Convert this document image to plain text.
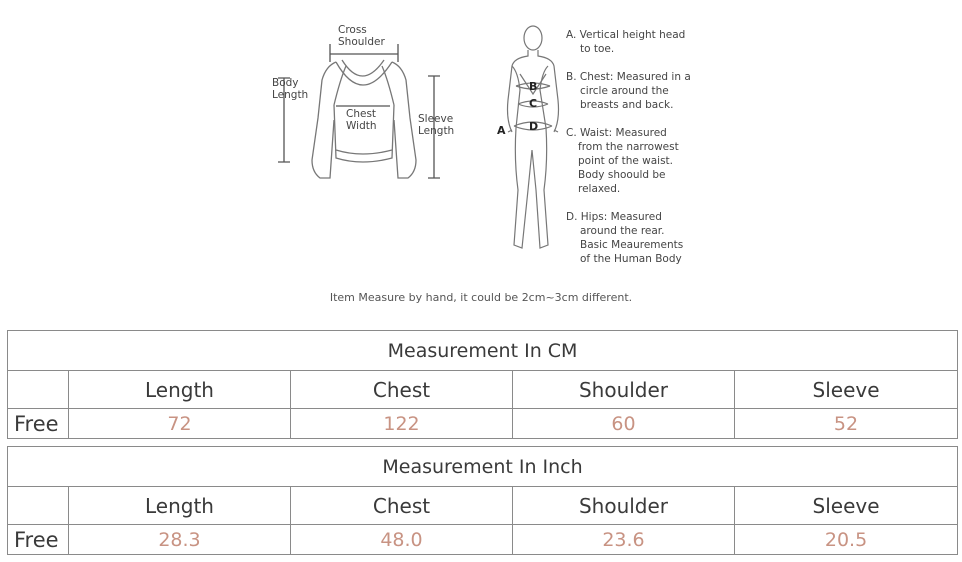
Cross
Shoulder
Body
Length
Chest
Width
Sleeve
Length	A
B
C
D
A. Vertical height head
to toe.
B. Chest: Measured in a
circle around the
breasts and back.
C. Waist: Measured
from the narrowest
point of the waist.
Body shoould be
relaxed.
D. Hips: Measured
around the rear.
Basic Meaurements
of the Human Body
Item Measure by hand, it could be 2cm~3cm different.
Measurement In CM				
	Length	Chest	Shoulder	Sleeve
Free	72	122	60	52
Measurement In Inch				
	Length	Chest	Shoulder	Sleeve
Free	28.3	48.0	23.6	20.5
